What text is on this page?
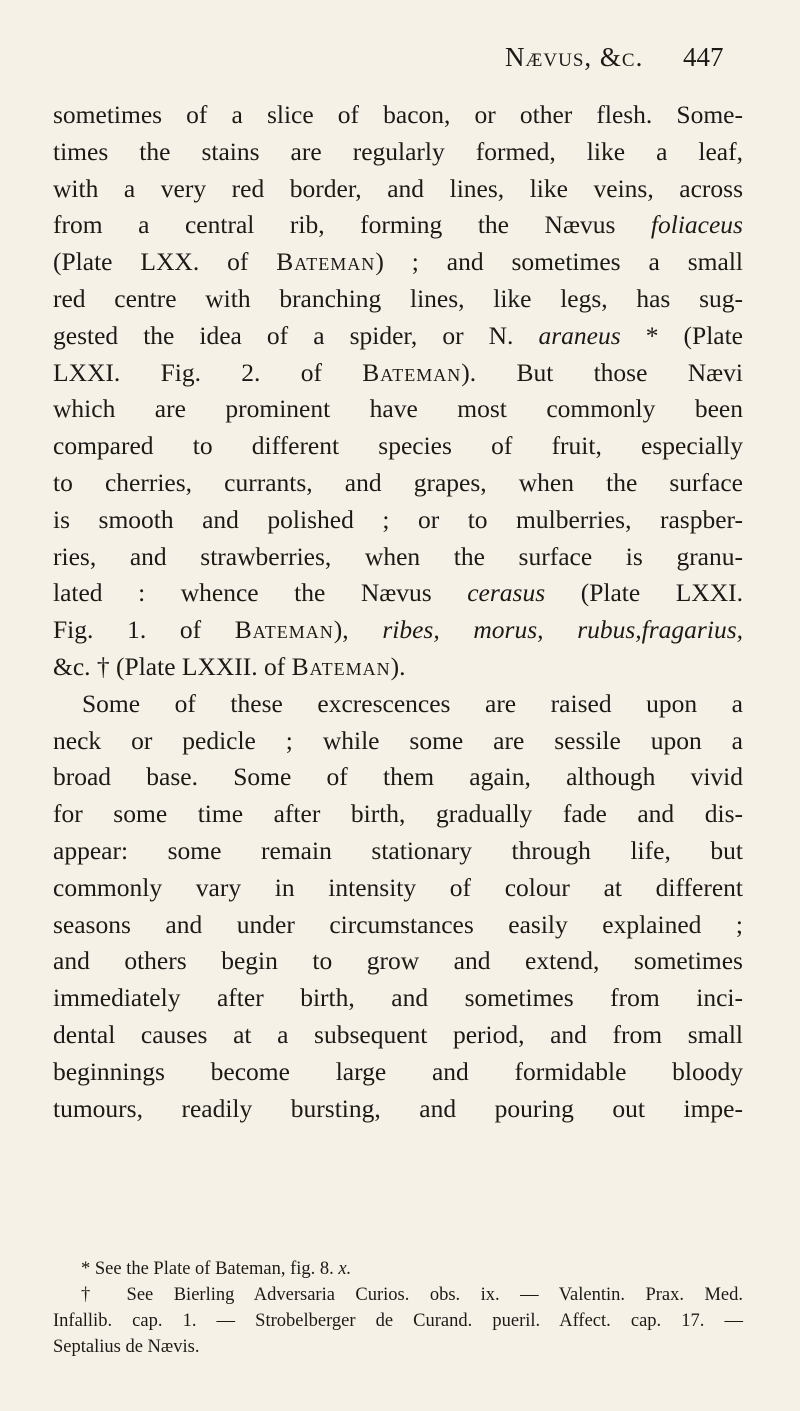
Nævus, &c. 447
sometimes of a slice of bacon, or other flesh. Some-
times the stains are regularly formed, like a leaf,
with a very red border, and lines, like veins, across
from a central rib, forming the Nævus foliaceus
(Plate LXX. of Bateman) ; and sometimes a small
red centre with branching lines, like legs, has sug-
gested the idea of a spider, or N. araneus * (Plate
LXXI. Fig. 2. of Bateman). But those Nævi
which are prominent have most commonly been
compared to different species of fruit, especially
to cherries, currants, and grapes, when the surface
is smooth and polished ; or to mulberries, raspber-
ries, and strawberries, when the surface is granu-
lated : whence the Nævus cerasus (Plate LXXI.
Fig. 1. of Bateman), ribes, morus, rubus,fragarius,
&c. † (Plate LXXII. of Bateman).
Some of these excrescences are raised upon a
neck or pedicle ; while some are sessile upon a
broad base. Some of them again, although vivid
for some time after birth, gradually fade and dis-
appear: some remain stationary through life, but
commonly vary in intensity of colour at different
seasons and under circumstances easily explained ;
and others begin to grow and extend, sometimes
immediately after birth, and sometimes from inci-
dental causes at a subsequent period, and from small
beginnings become large and formidable bloody
tumours, readily bursting, and pouring out impe-
* See the Plate of Bateman, fig. 8. x.
† See Bierling Adversaria Curios. obs. ix. — Valentin. Prax. Med.
Infallib. cap. 1. — Strobelberger de Curand. pueril. Affect. cap. 17. —
Septalius de Nævis.
